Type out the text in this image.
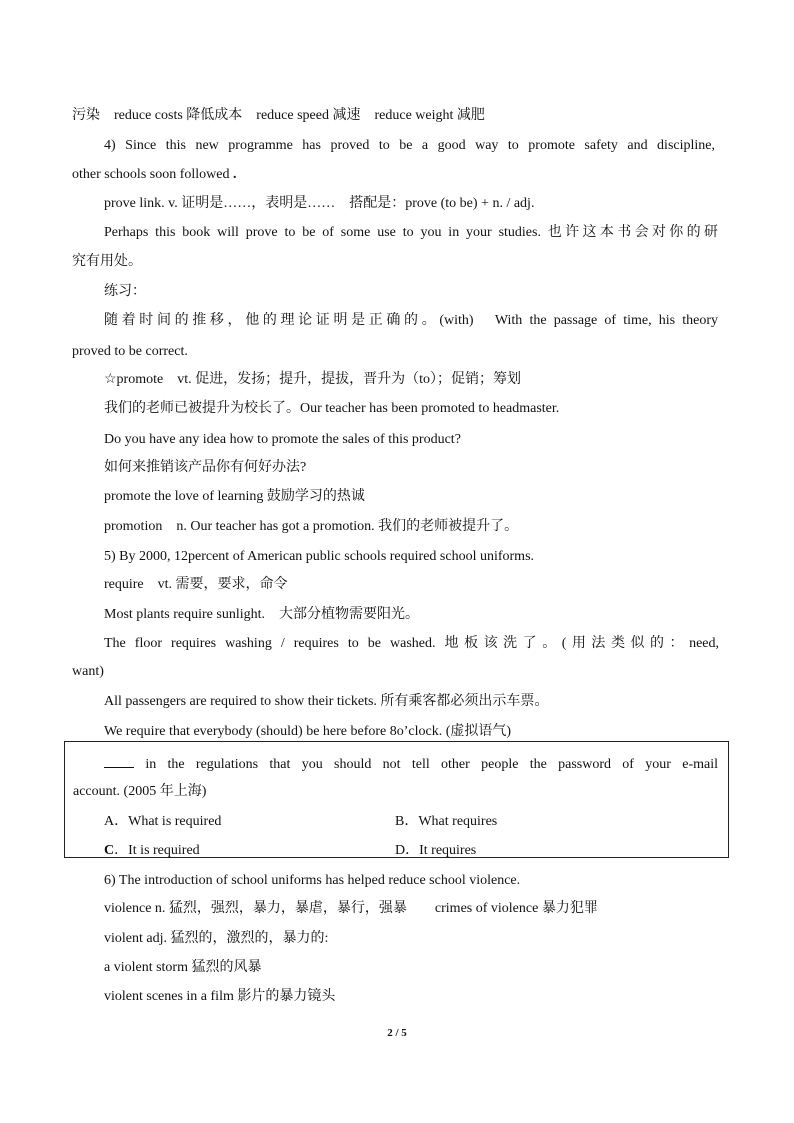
污染　reduce costs 降低成本　reduce speed 减速　reduce weight 减肥
4) Since this new programme has proved to be a good way to promote safety and discipline,
other schools soon followed .
prove link. v. 证明是……，表明是……　搭配是：prove (to be) + n. / adj.
Perhaps this book will prove to be of some use to you in your studies. 也许这本书会对你的研
究有用处。
练习：
随着时间的推移，他的理论证明是正确的。(with)　With the passage of time, his theory
proved to be correct.
☆promote　vt. 促进，发扬；提升，提拔，晋升为（to）；促销；筹划
我们的老师已被提升为校长了。Our teacher has been promoted to headmaster.
Do you have any idea how to promote the sales of this product?
如何来推销该产品你有何好办法?
promote the love of learning 鼓励学习的热诚
promotion　n. Our teacher has got a promotion. 我们的老师被提升了。
5) By 2000, 12percent of American public schools required school uniforms.
require　vt. 需要，要求，命令
Most plants require sunlight.　大部分植物需要阳光。
The floor requires washing / requires to be washed. 地板该洗了。(用法类似的：need,
want)
All passengers are required to show their tickets. 所有乘客都必须出示车票。
We require that everybody (should) be here before 8o’clock. (虚拟语气)
in the regulations that you should not tell other people the password of your e-mail
account. (2005 年上海)
A．What is required	B．What requires
C．It is required	D．It requires
6) The introduction of school uniforms has helped reduce school violence.
violence n. 猛烈，强烈，暴力，暴虐，暴行，强暴　　crimes of violence 暴力犯罪
violent adj. 猛烈的，激烈的，暴力的:
a violent storm 猛烈的风暴
violent scenes in a film 影片的暴力镜头
2 / 5
